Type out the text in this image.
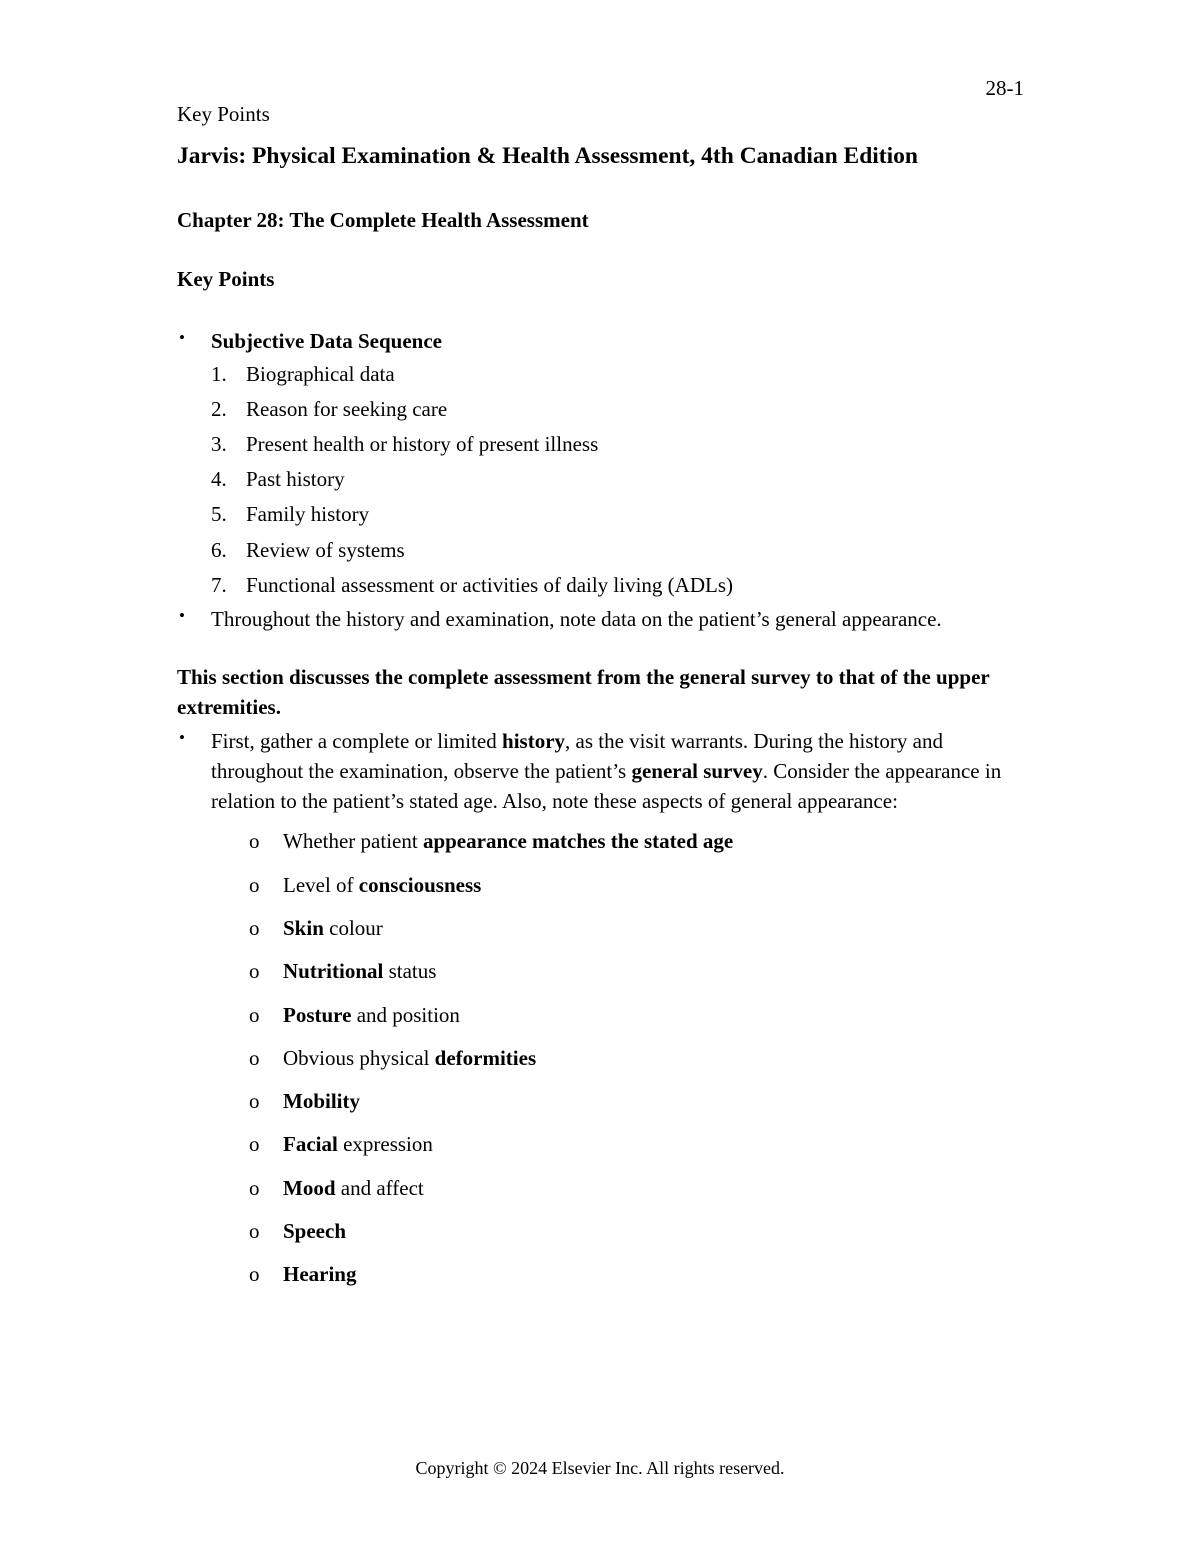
28-1
Key Points
Jarvis: Physical Examination & Health Assessment, 4th Canadian Edition
Chapter 28: The Complete Health Assessment
Key Points
• Subjective Data Sequence
1. Biographical data
2. Reason for seeking care
3. Present health or history of present illness
4. Past history
5. Family history
6. Review of systems
7. Functional assessment or activities of daily living (ADLs)
• Throughout the history and examination, note data on the patient’s general appearance.
This section discusses the complete assessment from the general survey to that of the upper extremities.
• First, gather a complete or limited history, as the visit warrants. During the history and throughout the examination, observe the patient’s general survey. Consider the appearance in relation to the patient’s stated age. Also, note these aspects of general appearance:
o	Whether patient appearance matches the stated age
o	Level of consciousness
o	Skin colour
o	Nutritional status
o	Posture and position
o	Obvious physical deformities
o	Mobility
o	Facial expression
o	Mood and affect
o	Speech
o	Hearing
Copyright © 2024 Elsevier Inc. All rights reserved.
